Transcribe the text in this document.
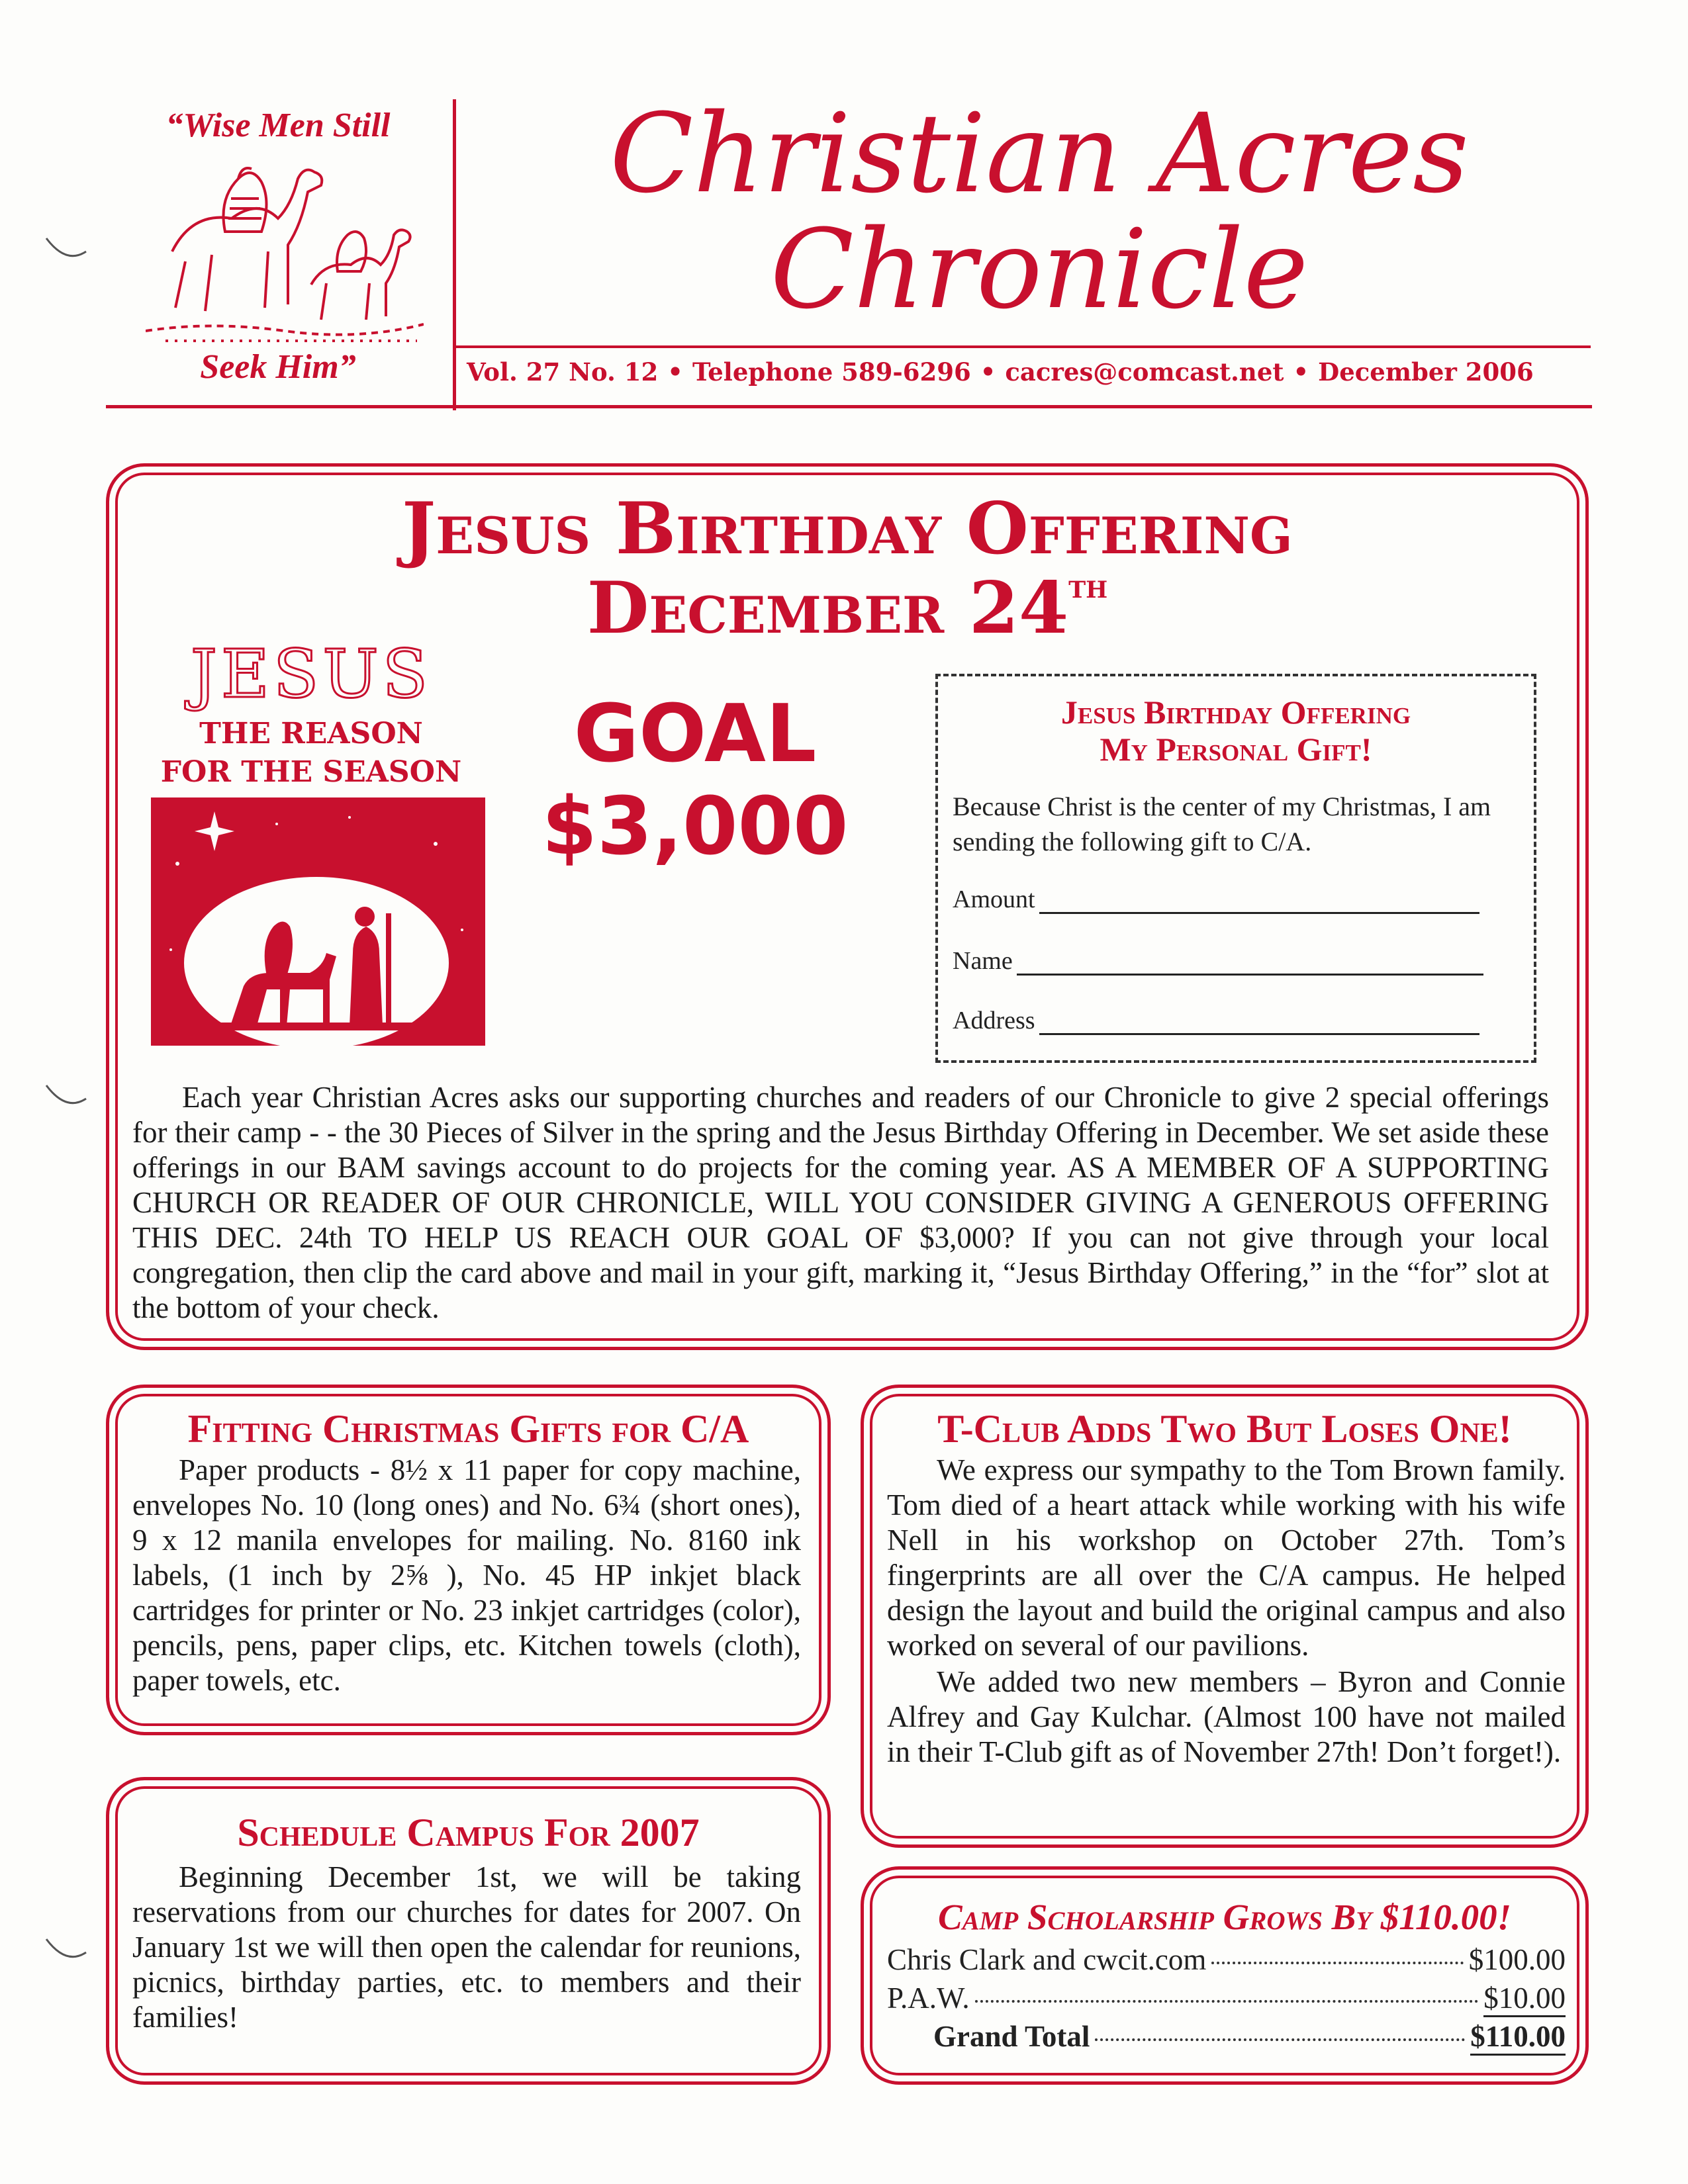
“Wise Men Still
Seek Him”
Christian Acres
Chronicle
Vol. 27 No. 12 • Telephone 589-6296 • cacres@comcast.net • December 2006
Jesus Birthday Offering
December 24th
JESUS
THE REASON
FOR THE SEASON	GOAL
$3,000
Jesus Birthday Offering
My Personal Gift!
Because Christ is the center of my Christmas, I am sending the following gift to C/A.
Amount
Name
Address
Each year Christian Acres asks our supporting churches and readers of our Chronicle to give 2 special offerings for their camp - - the 30 Pieces of Silver in the spring and the Jesus Birthday Offering in December. We set aside these offerings in our BAM savings account to do projects for the coming year. AS A MEMBER OF A SUPPORTING CHURCH OR READER OF OUR CHRONICLE, WILL YOU CONSIDER GIVING A GENEROUS OFFERING THIS DEC. 24th TO HELP US REACH OUR GOAL OF $3,000? If you can not give through your local congregation, then clip the card above and mail in your gift, marking it, “Jesus Birthday Offering,” in the “for” slot at the bottom of your check.
Fitting Christmas Gifts for C/A
Paper products - 8½ x 11 paper for copy machine, envelopes No. 10 (long ones) and No. 6¾ (short ones), 9 x 12 manila envelopes for mailing. No. 8160 ink labels, (1 inch by 2⅝ ), No. 45 HP inkjet black cartridges for printer or No. 23 inkjet cartridges (color), pencils, pens, paper clips, etc. Kitchen towels (cloth), paper towels, etc.
Schedule Campus For 2007
Beginning December 1st, we will be taking reservations from our churches for dates for 2007. On January 1st we will then open the calendar for reunions, picnics, birthday parties, etc. to members and their families!
T-Club Adds Two But Loses One!
We express our sympathy to the Tom Brown family. Tom died of a heart attack while working with his wife Nell in his workshop on October 27th. Tom’s fingerprints are all over the C/A campus. He helped design the layout and build the original campus and also worked on several of our pavilions.
We added two new members – Byron and Connie Alfrey and Gay Kulchar. (Almost 100 have not mailed in their T-Club gift as of November 27th! Don’t forget!).
Camp Scholarship Grows By $110.00!
Chris Clark and cwcit.com	$100.00
P.A.W.	$10.00
Grand Total	$110.00
